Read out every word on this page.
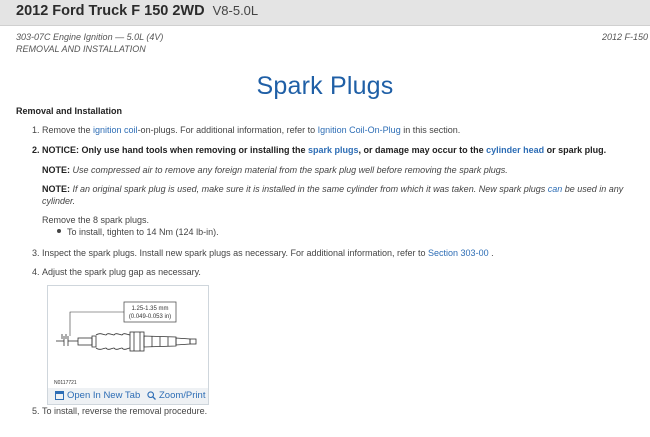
2012 Ford Truck F 150 2WD V8-5.0L
303-07C Engine Ignition — 5.0L (4V)
REMOVAL AND INSTALLATION
2012 F-150
Spark Plugs
Removal and Installation
1. Remove the ignition coil-on-plugs. For additional information, refer to Ignition Coil-On-Plug in this section.
2. NOTICE: Only use hand tools when removing or installing the spark plugs, or damage may occur to the cylinder head or spark plug.
NOTE: Use compressed air to remove any foreign material from the spark plug well before removing the spark plugs.
NOTE: If an original spark plug is used, make sure it is installed in the same cylinder from which it was taken. New spark plugs can be used in any cylinder.
Remove the 8 spark plugs.
To install, tighten to 14 Nm (124 lb-in).
3. Inspect the spark plugs. Install new spark plugs as necessary. For additional information, refer to Section 303-00 .
4. Adjust the spark plug gap as necessary.
1.25-1.35 mm
(0.049-0.053 in)
N0117721
Open In New Tab	Zoom/Print
5. To install, reverse the removal procedure.
